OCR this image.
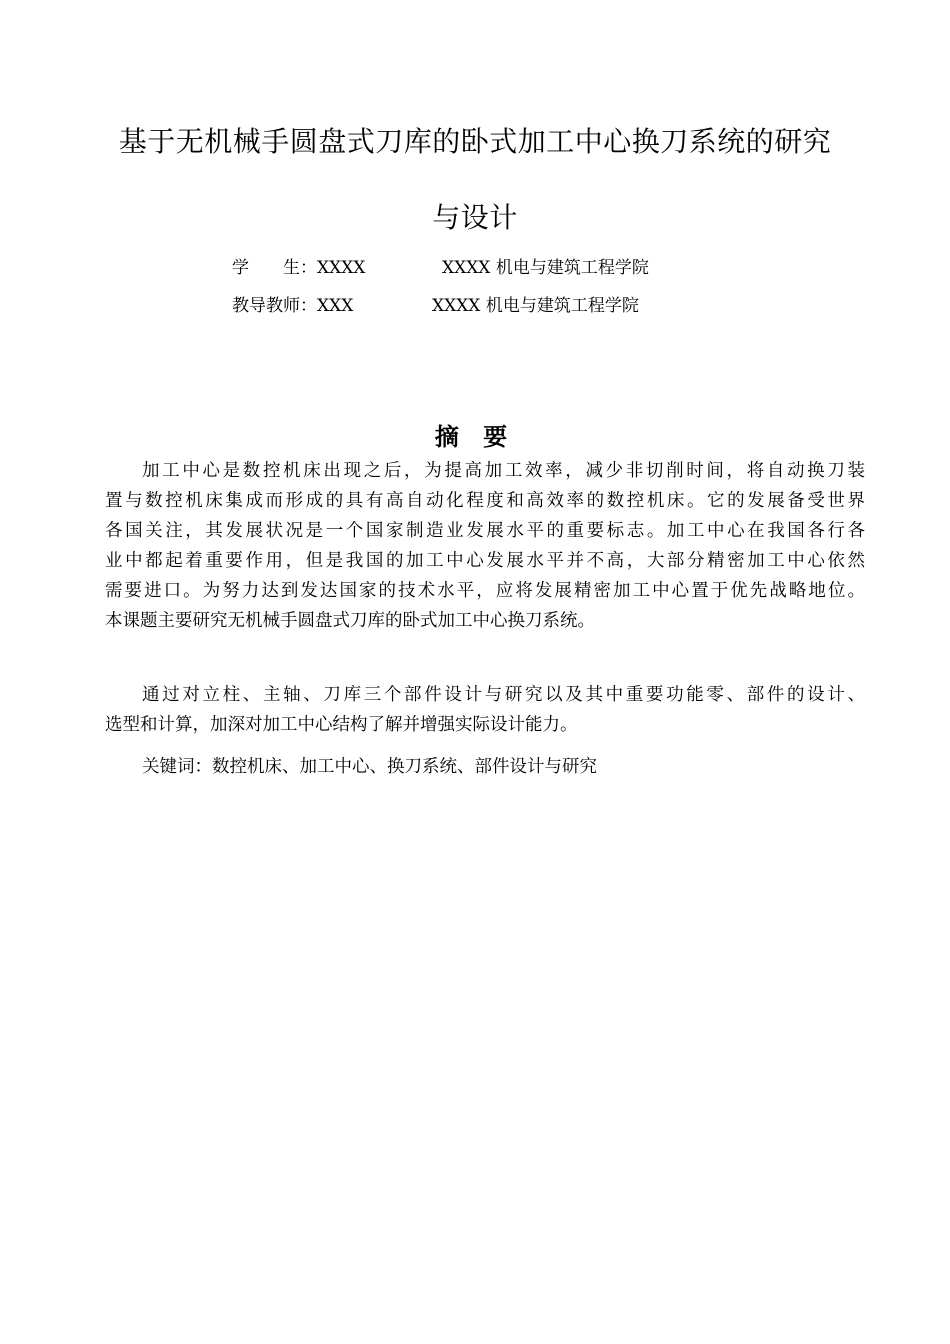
基于无机械手圆盘式刀库的卧式加工中心换刀系统的研究
与设计
学　　生：XXXX	XXXX 机电与建筑工程学院
教导教师：XXX	XXXX 机电与建筑工程学院
摘 要
加工中心是数控机床出现之后，为提高加工效率，减少非切削时间，将自动换刀装
置与数控机床集成而形成的具有高自动化程度和高效率的数控机床。它的发展备受世界
各国关注，其发展状况是一个国家制造业发展水平的重要标志。加工中心在我国各行各
业中都起着重要作用，但是我国的加工中心发展水平并不高，大部分精密加工中心依然
需要进口。为努力达到发达国家的技术水平，应将发展精密加工中心置于优先战略地位。
本课题主要研究无机械手圆盘式刀库的卧式加工中心换刀系统。
通过对立柱、主轴、刀库三个部件设计与研究以及其中重要功能零、部件的设计、
选型和计算，加深对加工中心结构了解并增强实际设计能力。
关键词：数控机床、加工中心、换刀系统、部件设计与研究
